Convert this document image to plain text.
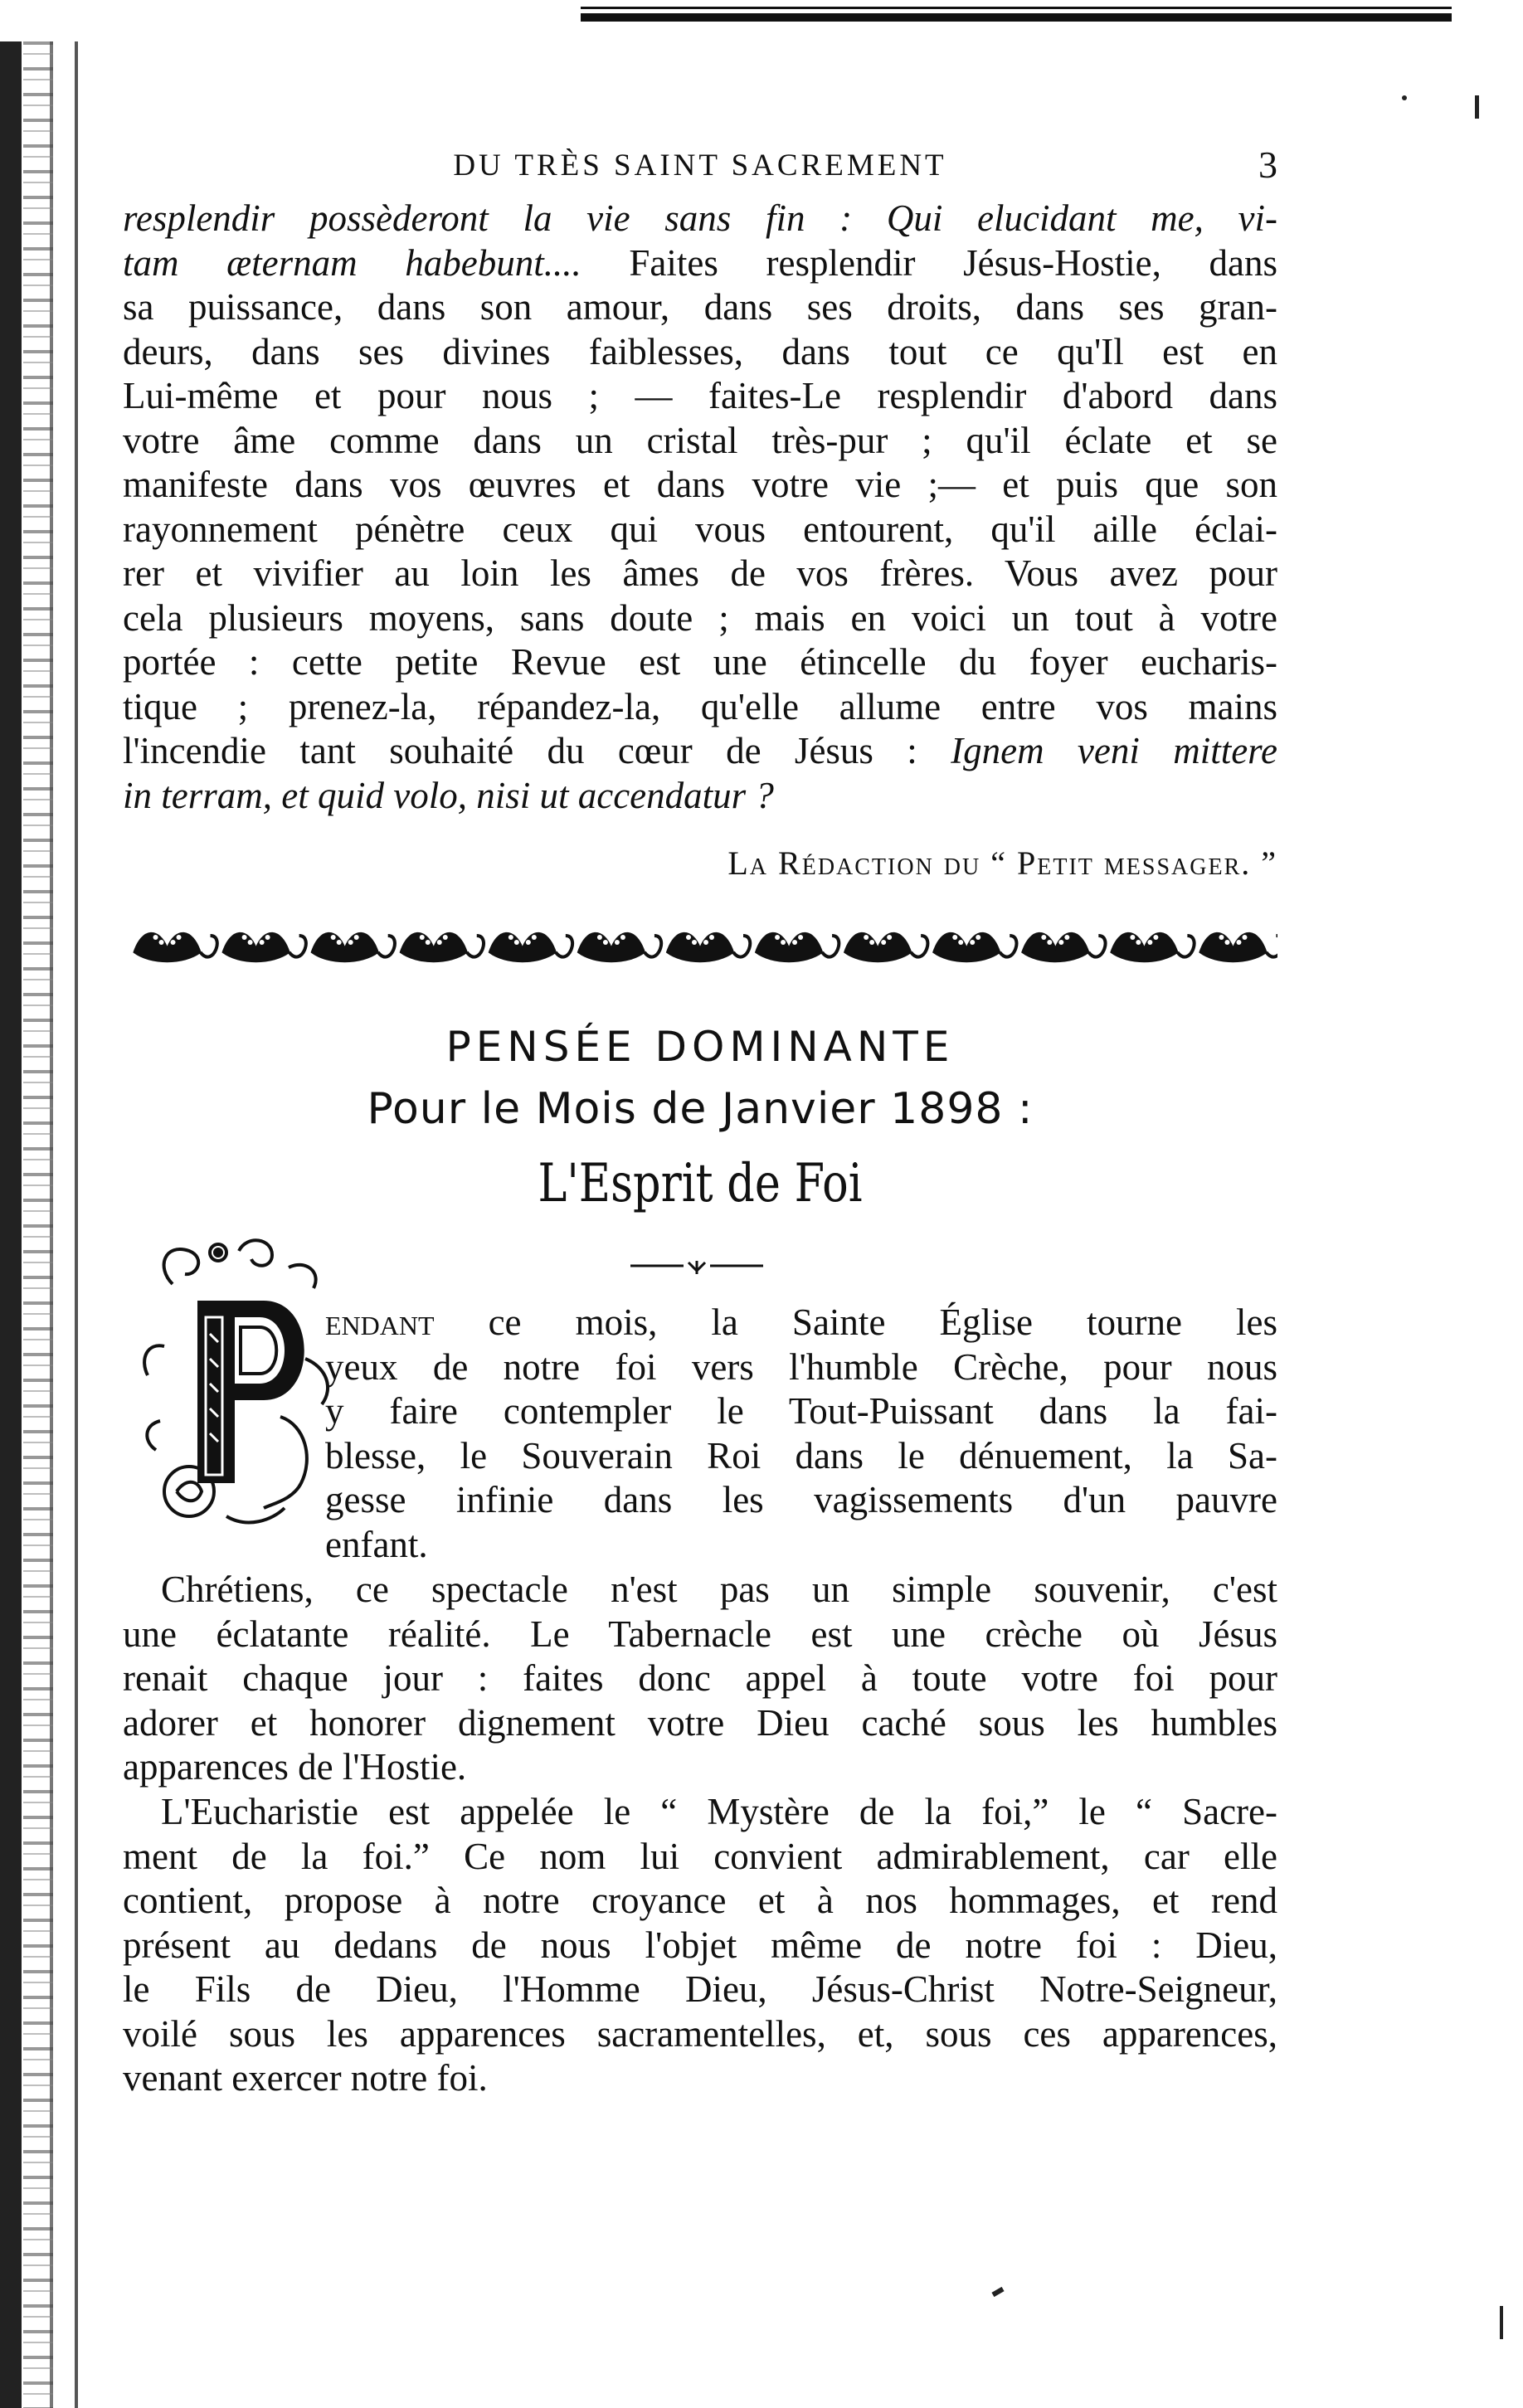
DU TRÈS SAINT SACREMENT	3
resplendir possèderont la vie sans fin : Qui elucidant me, vi-
tam æternam habebunt.... Faites resplendir Jésus-Hostie, dans
sa puissance, dans son amour, dans ses droits, dans ses gran-
deurs, dans ses divines faiblesses, dans tout ce qu'Il est en
Lui-même et pour nous ; — faites-Le resplendir d'abord dans
votre âme comme dans un cristal très-pur ; qu'il éclate et se
manifeste dans vos œuvres et dans votre vie ;— et puis que son
rayonnement pénètre ceux qui vous entourent, qu'il aille éclai-
rer et vivifier au loin les âmes de vos frères. Vous avez pour
cela plusieurs moyens, sans doute ; mais en voici un tout à votre
portée : cette petite Revue est une étincelle du foyer eucharis-
tique ; prenez-la, répandez-la, qu'elle allume entre vos mains
l'incendie tant souhaité du cœur de Jésus : Ignem veni mittere
in terram, et quid volo, nisi ut accendatur ?
La Rédaction du “ Petit messager. ”
PENSÉE DOMINANTE
Pour le Mois de Janvier 1898 :
L'Esprit de Foi
endant ce mois, la Sainte Église tourne les
yeux de notre foi vers l'humble Crèche, pour nous
y faire contempler le Tout-Puissant dans la fai-
blesse, le Souverain Roi dans le dénuement, la Sa-
gesse infinie dans les vagissements d'un pauvre
enfant.
Chrétiens, ce spectacle n'est pas un simple souvenir, c'est
une éclatante réalité. Le Tabernacle est une crèche où Jésus
renait chaque jour : faites donc appel à toute votre foi pour
adorer et honorer dignement votre Dieu caché sous les humbles
apparences de l'Hostie.
L'Eucharistie est appelée le “ Mystère de la foi,” le “ Sacre-
ment de la foi.” Ce nom lui convient admirablement, car elle
contient, propose à notre croyance et à nos hommages, et rend
présent au dedans de nous l'objet même de notre foi : Dieu,
le Fils de Dieu, l'Homme Dieu, Jésus-Christ Notre-Seigneur,
voilé sous les apparences sacramentelles, et, sous ces apparences,
venant exercer notre foi.
